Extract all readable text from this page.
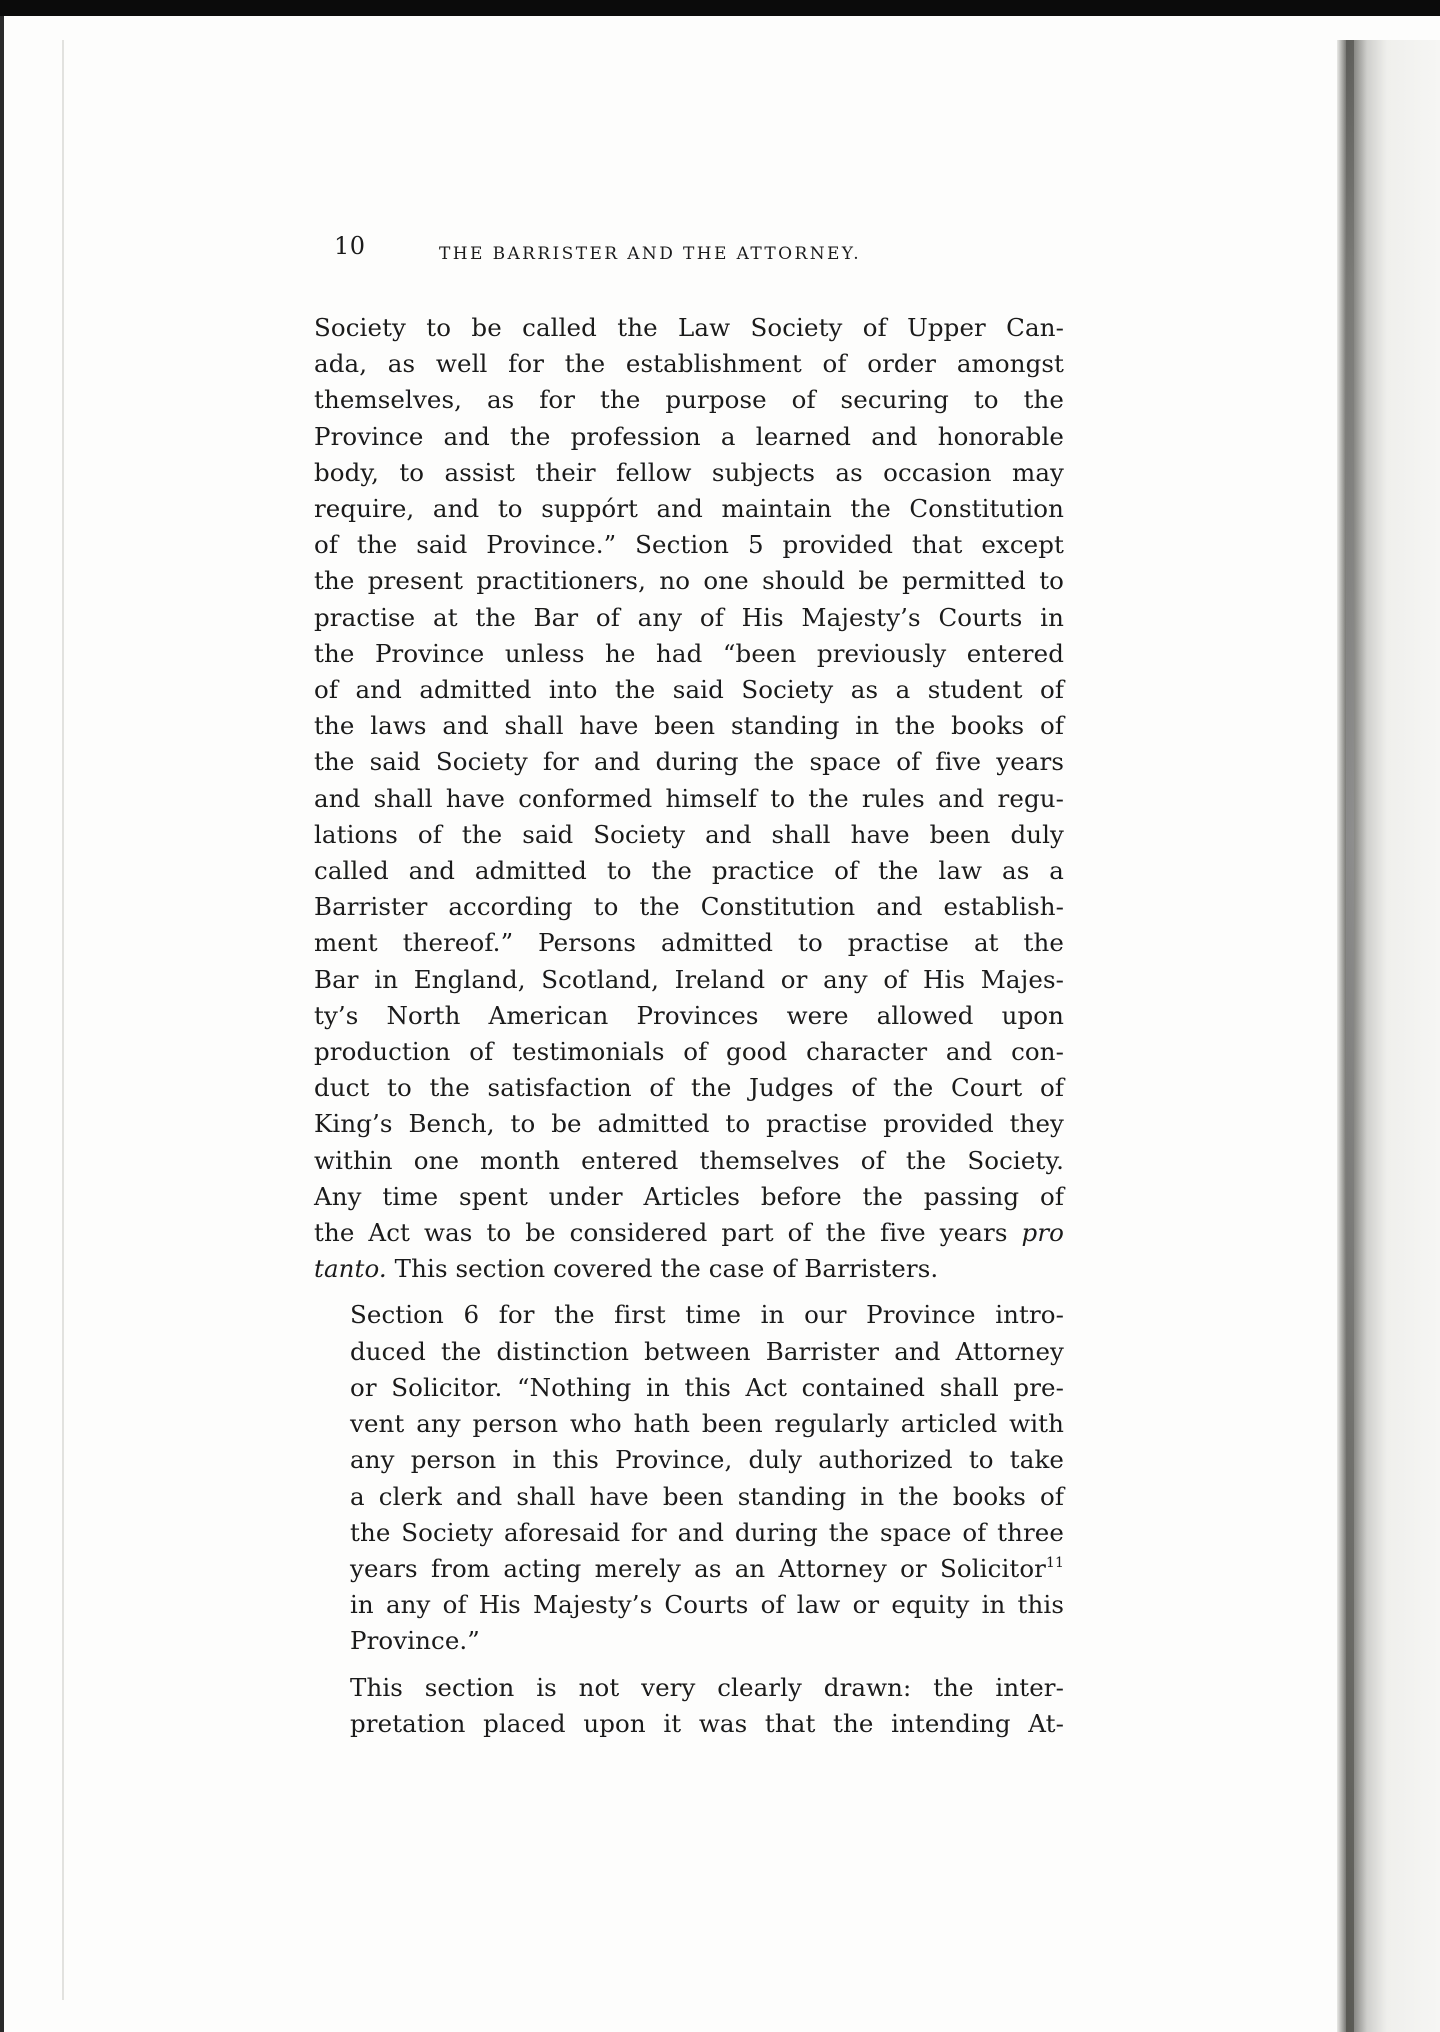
10	THE BARRISTER AND THE ATTORNEY.
Society to be called the Law Society of Upper Can-
ada, as well for the establishment of order amongst
themselves, as for the purpose of securing to the
Province and the profession a learned and honorable
body, to assist their fellow subjects as occasion may
require, and to suppórt and maintain the Constitution
of the said Province.” Section 5 provided that except
the present practitioners, no one should be permitted to
practise at the Bar of any of His Majesty’s Courts in
the Province unless he had “been previously entered
of and admitted into the said Society as a student of
the laws and shall have been standing in the books of
the said Society for and during the space of five years
and shall have conformed himself to the rules and regu-
lations of the said Society and shall have been duly
called and admitted to the practice of the law as a
Barrister according to the Constitution and establish-
ment thereof.” Persons admitted to practise at the
Bar in England, Scotland, Ireland or any of His Majes-
ty’s North American Provinces were allowed upon
production of testimonials of good character and con-
duct to the satisfaction of the Judges of the Court of
King’s Bench, to be admitted to practise provided they
within one month entered themselves of the Society.
Any time spent under Articles before the passing of
the Act was to be considered part of the five years pro
tanto. This section covered the case of Barristers.
Section 6 for the first time in our Province intro-
duced the distinction between Barrister and Attorney
or Solicitor. “Nothing in this Act contained shall pre-
vent any person who hath been regularly articled with
any person in this Province, duly authorized to take
a clerk and shall have been standing in the books of
the Society aforesaid for and during the space of three
years from acting merely as an Attorney or Solicitor$^{11}$
in any of His Majesty’s Courts of law or equity in this
Province.”
This section is not very clearly drawn: the inter-
pretation placed upon it was that the intending At-
